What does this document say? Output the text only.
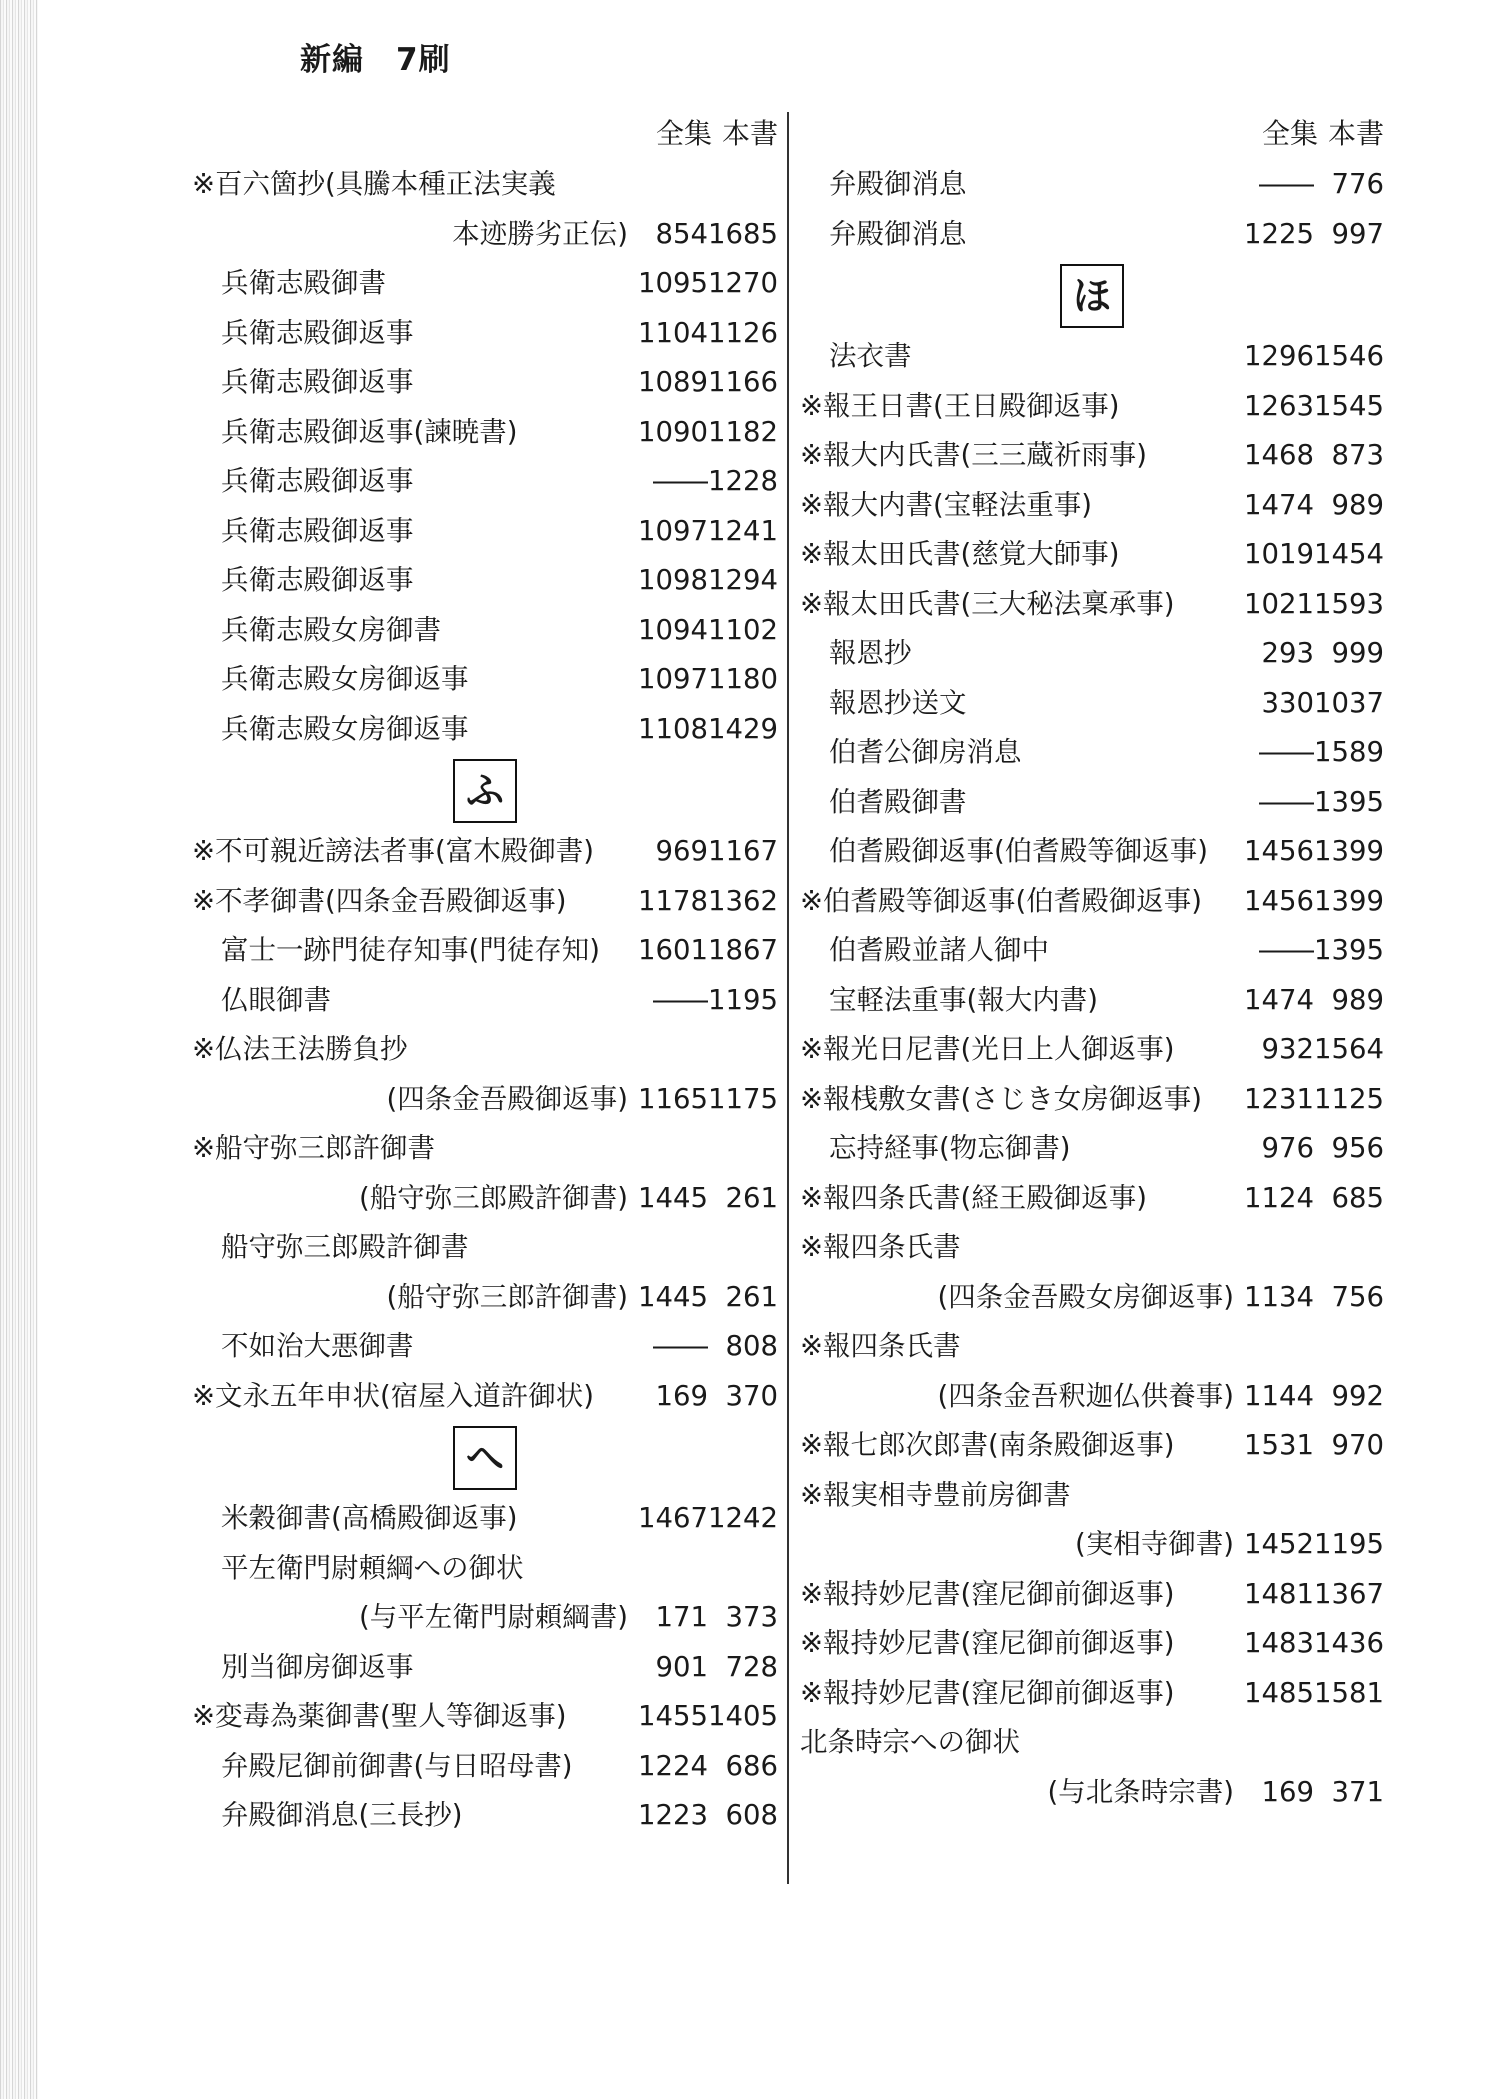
新編　7刷
全集 本書	全集 本書
※百六箇抄(具騰本種正法実義
本迹勝劣正伝)	854 1685
兵衛志殿御書	1095 1270
兵衛志殿御返事	1104 1126
兵衛志殿御返事	1089 1166
兵衛志殿御返事(諫暁書)	1090 1182
兵衛志殿御返事	―― 1228
兵衛志殿御返事	1097 1241
兵衛志殿御返事	1098 1294
兵衛志殿女房御書	1094 1102
兵衛志殿女房御返事	1097 1180
兵衛志殿女房御返事	1108 1429
ふ
※不可親近謗法者事(富木殿御書)	969 1167
※不孝御書(四条金吾殿御返事)	1178 1362
富士一跡門徒存知事(門徒存知)	1601 1867
仏眼御書	―― 1195
※仏法王法勝負抄
(四条金吾殿御返事) 1165 1175
※船守弥三郎許御書
(船守弥三郎殿許御書) 1445 261
船守弥三郎殿許御書
(船守弥三郎許御書) 1445 261
不如治大悪御書	―― 808
※文永五年申状(宿屋入道許御状)	169 370
へ
米穀御書(高橋殿御返事)	1467 1242
平左衛門尉頼綱への御状
(与平左衛門尉頼綱書)	171 373
別当御房御返事	901 728
※変毒為薬御書(聖人等御返事)	1455 1405
弁殿尼御前御書(与日昭母書)	1224 686
弁殿御消息(三長抄)	1223 608
弁殿御消息	―― 776
弁殿御消息	1225 997
ほ
法衣書	1296 1546
※報王日書(王日殿御返事)	1263 1545
※報大内氏書(三三蔵祈雨事)	1468 873
※報大内書(宝軽法重事)	1474 989
※報太田氏書(慈覚大師事)	1019 1454
※報太田氏書(三大秘法稟承事)	1021 1593
報恩抄	293 999
報恩抄送文	330 1037
伯耆公御房消息	―― 1589
伯耆殿御書	―― 1395
伯耆殿御返事(伯耆殿等御返事)	1456 1399
※伯耆殿等御返事(伯耆殿御返事)	1456 1399
伯耆殿並諸人御中	―― 1395
宝軽法重事(報大内書)	1474 989
※報光日尼書(光日上人御返事)	932 1564
※報桟敷女書(さじき女房御返事)	1231 1125
忘持経事(物忘御書)	976 956
※報四条氏書(経王殿御返事)	1124 685
※報四条氏書
(四条金吾殿女房御返事) 1134 756
※報四条氏書
(四条金吾釈迦仏供養事) 1144 992
※報七郎次郎書(南条殿御返事)	1531 970
※報実相寺豊前房御書
(実相寺御書) 1452 1195
※報持妙尼書(窪尼御前御返事)	1481 1367
※報持妙尼書(窪尼御前御返事)	1483 1436
※報持妙尼書(窪尼御前御返事)	1485 1581
北条時宗への御状
(与北条時宗書)	169 371
